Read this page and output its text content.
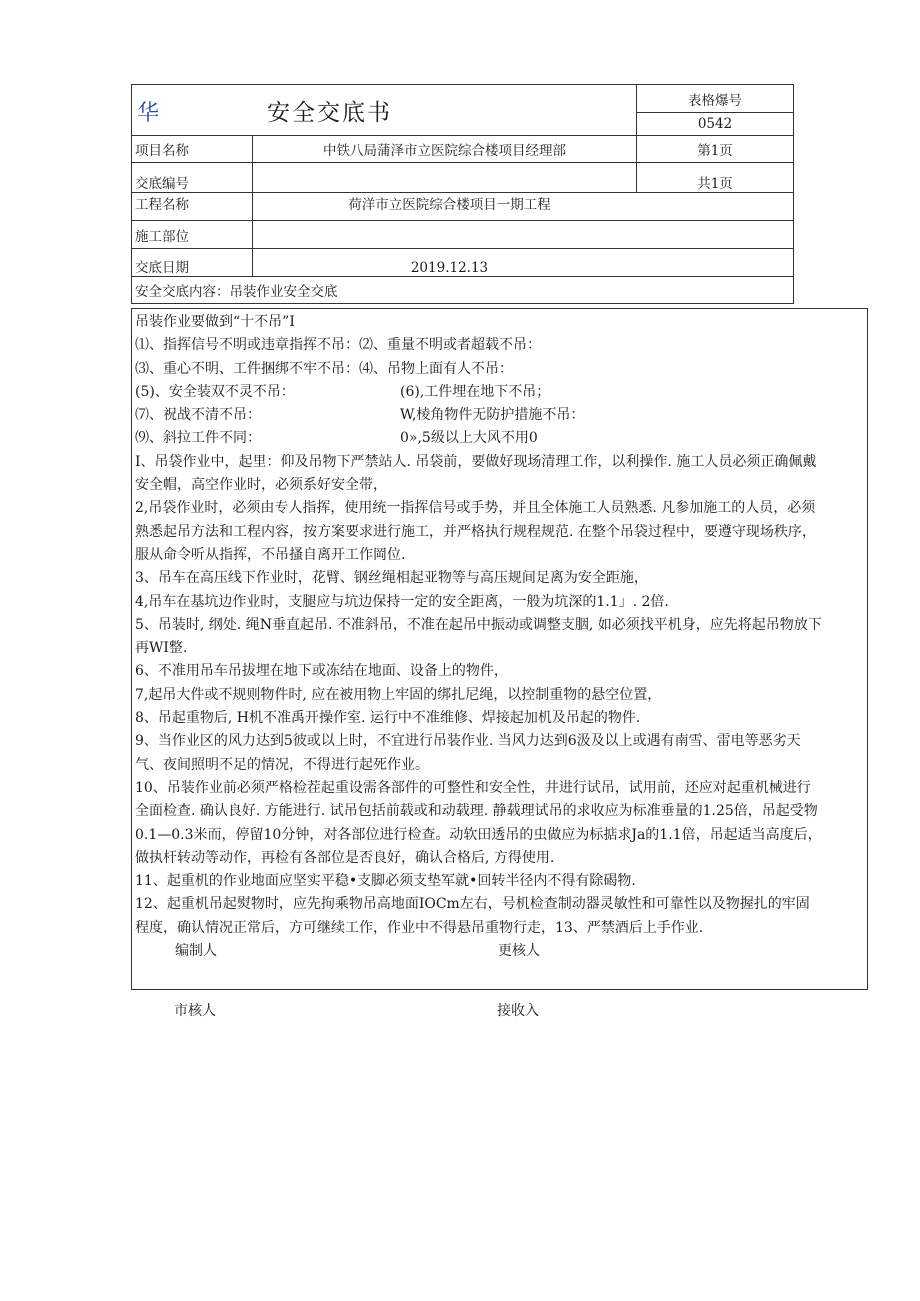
华 安全交底书		表格爆号
		0542
项目名称	中铁八局蒲泽市立医院综合楼项目经理部	第1页
交底编号		共1页
工程名称	荷洋市立医院综合楼项目一期工程	
施工部位		
交底日期	2019.12.13	
安全交底内容：吊装作业安全交底		
吊装作业要做到“十不吊”I
⑴、指挥信号不明或违章指挥不吊：⑵、重量不明或者超载不吊：
⑶、重心不明、工件捆绑不牢不吊：⑷、吊物上面有人不吊：
(5)、安全装双不灵不吊：	(6),工件埋在地下不吊；
⑺、祝战不清不吊：	W,棱角物件无防护措施不吊：
⑼、斜拉工件不同：	0»,5级以上大风不用0
I、吊袋作业中，起里：仰及吊物下严禁站人. 吊袋前，要做好现场清理工作，以利操作. 施工人员必须正确佩戴
安全帽，高空作业时，必须系好安全带，
2,吊袋作业时，必须由专人指挥，使用统一指挥信号或手势，并且全体施工人员熟悉. 凡参加施工的人员，必须
熟悉起吊方法和工程内容，按方案要求进行施工，并严格执行规程规范. 在整个吊袋过程中，要遵守现场秩序，
服从命令听从指挥，不吊搔自离开工作岡位.
3、吊车在高压线下作业时，花臂、钢丝绳相起亚物等与高压规间足离为安全距施，
4,吊车在基坑边作业时，支腿应与坑边保持一定的安全距离，一般为坑深的1.1」. 2倍.
5、吊装时, 纲处. 绳N垂直起吊. 不准斜吊，不准在起吊中振动或调整支胭, 如必须找平机身，应先将起吊物放下
再WI整.
6、不准用吊车吊拔埋在地下或冻结在地面、设备上的物件，
7,起吊大件或不规则物件时, 应在被用物上牢固的绑扎尼绳，以控制重物的悬空位置，
8、吊起重物后, H机不准禹开操作室. 运行中不准维修、焊接起加机及吊起的物件.
9、当作业区的风力达到5彼或以上时，不宜进行吊装作业. 当风力达到6汲及以上或遇有南雪、雷电等恶劣天
气、夜间照明不足的情况，不得进行起死作业。
10、吊装作业前必须严格检茬起重设需各部件的可整性和安全性，井进行试吊，试用前，还应对起重机械进行
全面检查. 确认良好. 方能进行. 试吊包括前载或和动载理. 静载理试吊的求收应为标准垂量的1.25倍，吊起受物
0.1—0.3米而，停留10分钟，对各部位进行检查。动软田透吊的虫做应为标掂求Ja的1.1倍，吊起适当高度后，
做执杆转动等动作，再检有各部位是否良好，确认合格后, 方得使用.
11、起重机的作业地面应坚实平稳•支脚必须支垫军就•回转半径内不得有除碣物.
12、起重机吊起熨物时，应先拘乘物吊高地面IOCm左右，号机检查制动器灵敏性和可靠性以及物握扎的牢固
程度，确认情况正常后，方可继续工作，作业中不得悬吊重物行走，13、严禁酒后上手作业.
编制人	更核人
市核人	接收入
